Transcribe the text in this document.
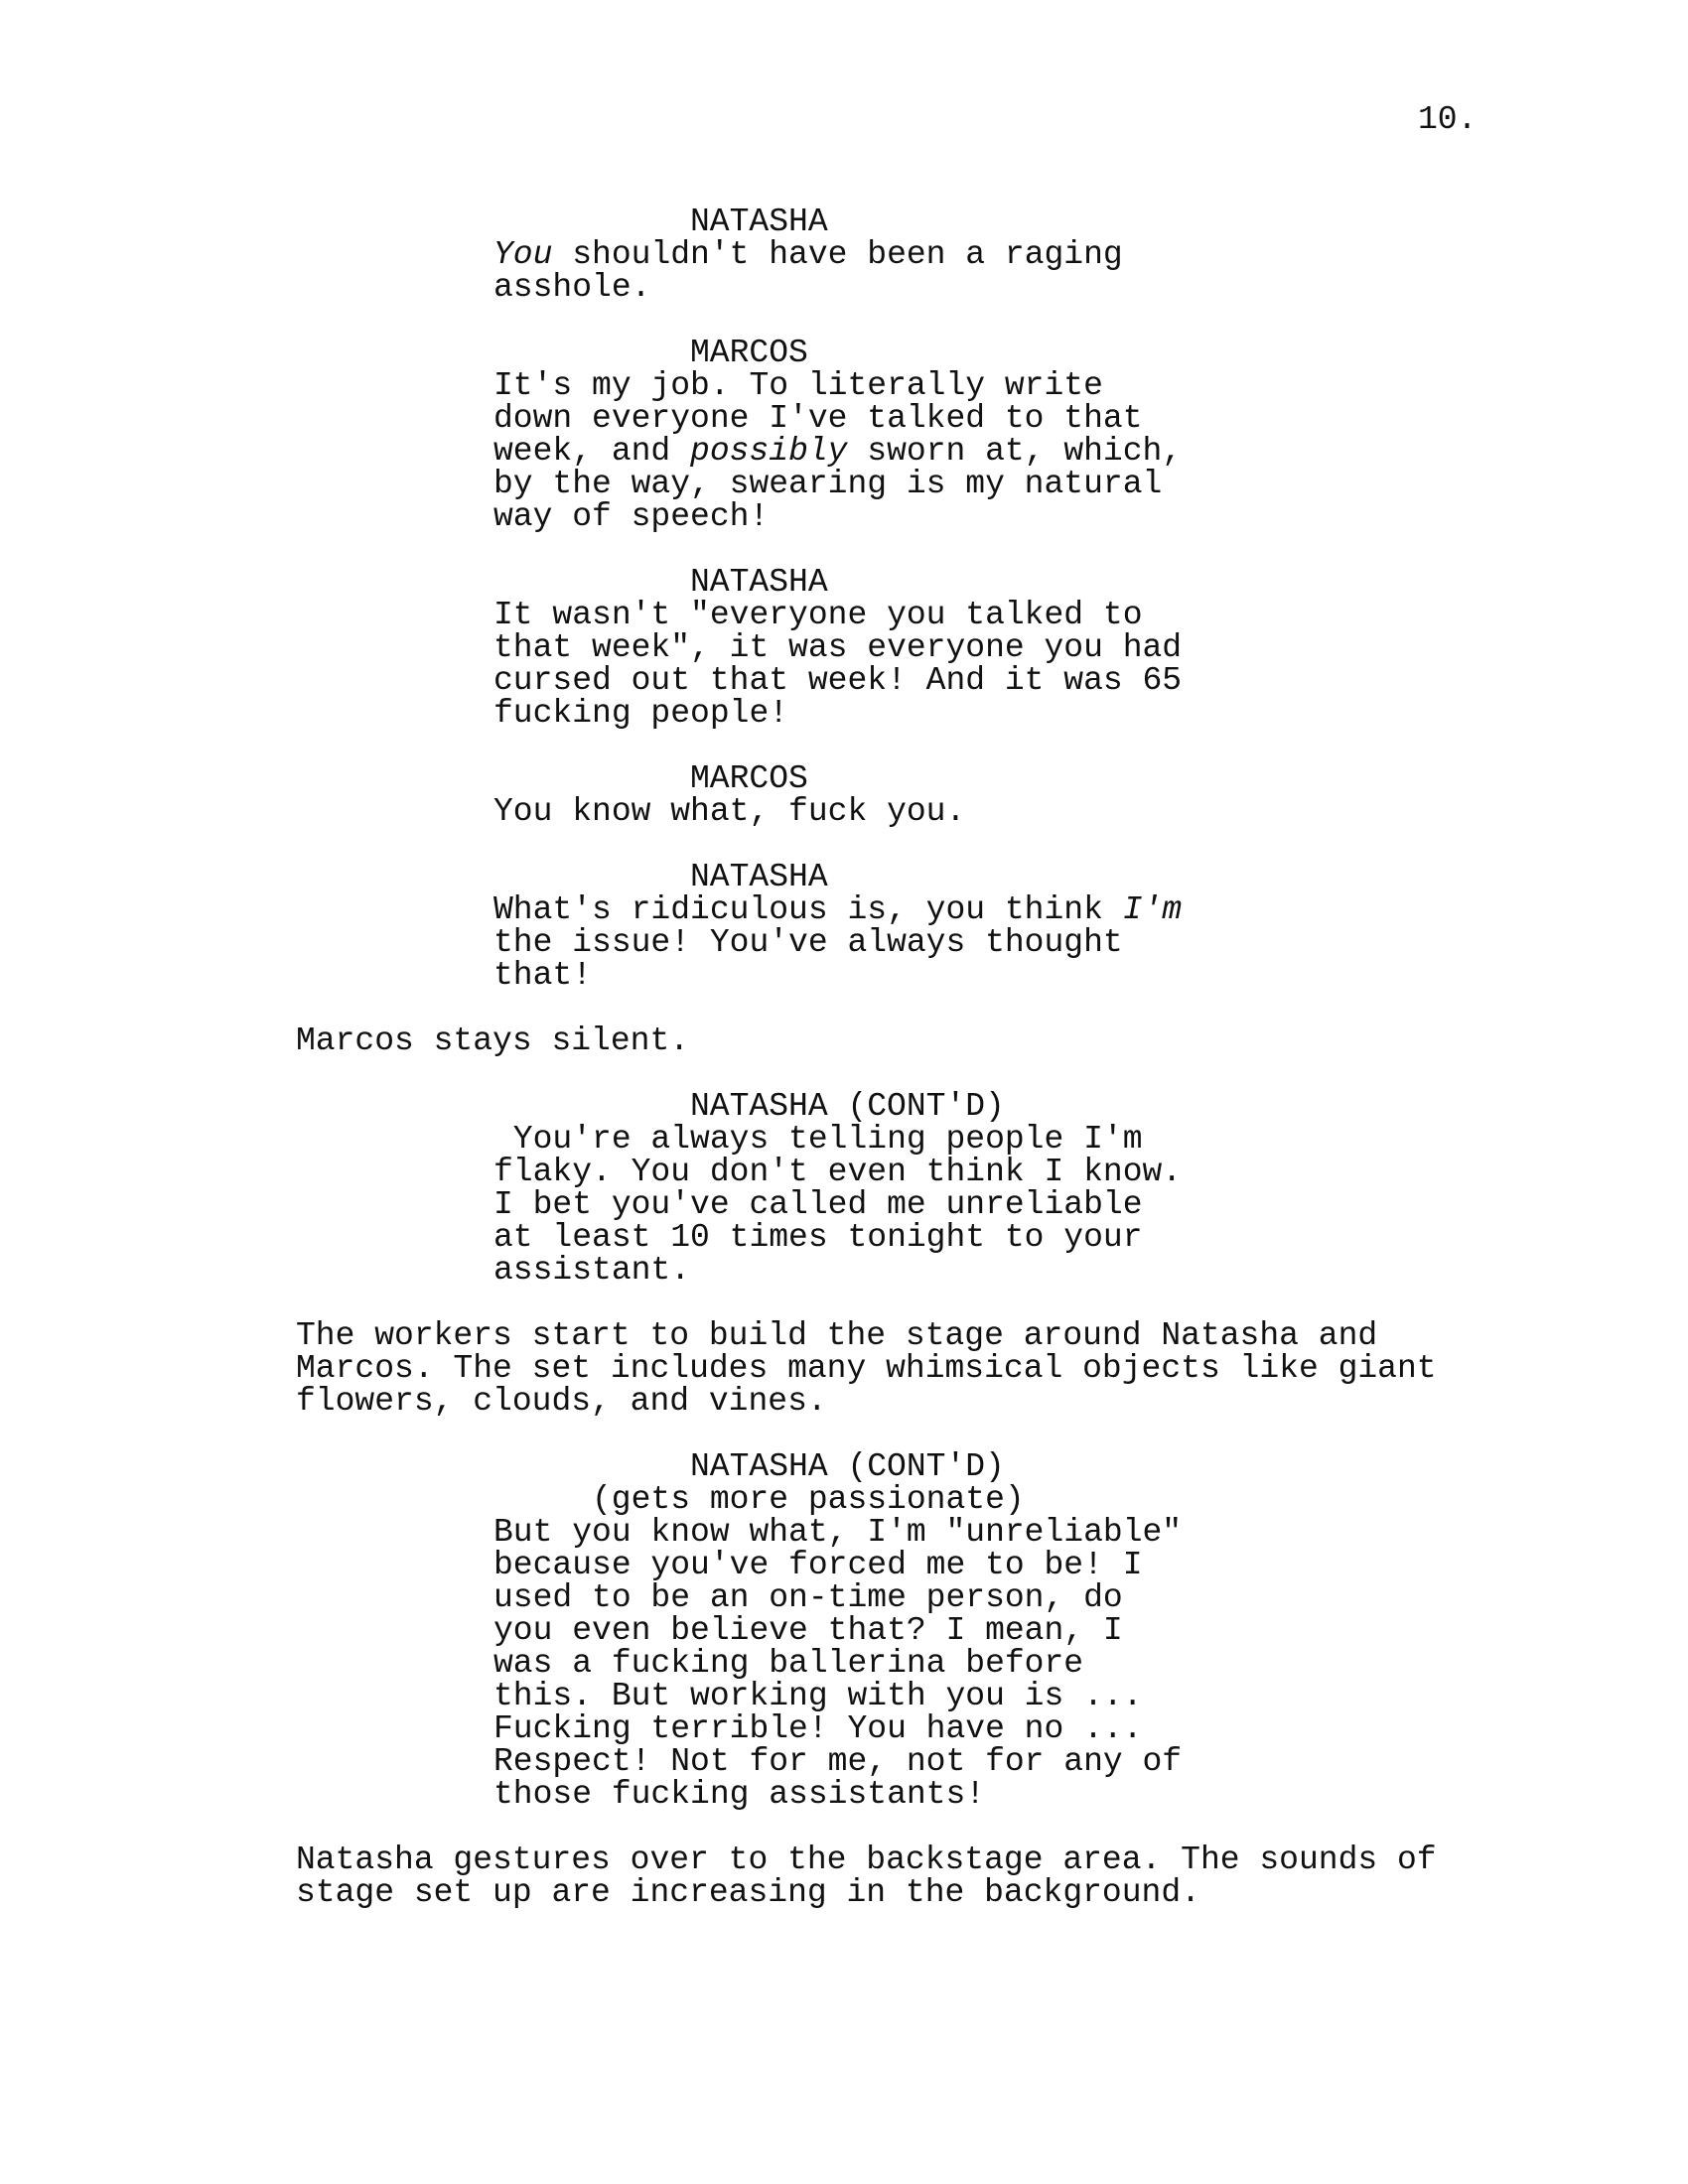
10.
NATASHA
You shouldn't have been a raging
asshole.
MARCOS
It's my job. To literally write
down everyone I've talked to that
week, and possibly sworn at, which,
by the way, swearing is my natural
way of speech!
NATASHA
It wasn't "everyone you talked to
that week", it was everyone you had
cursed out that week! And it was 65
fucking people!
MARCOS
You know what, fuck you.
NATASHA
What's ridiculous is, you think I'm
the issue! You've always thought
that!
Marcos stays silent.
NATASHA (CONT'D)
You're always telling people I'm
flaky. You don't even think I know.
I bet you've called me unreliable
at least 10 times tonight to your
assistant.
The workers start to build the stage around Natasha and
Marcos. The set includes many whimsical objects like giant
flowers, clouds, and vines.
NATASHA (CONT'D)
(gets more passionate)
But you know what, I'm "unreliable"
because you've forced me to be! I
used to be an on-time person, do
you even believe that? I mean, I
was a fucking ballerina before
this. But working with you is ...
Fucking terrible! You have no ...
Respect! Not for me, not for any of
those fucking assistants!
Natasha gestures over to the backstage area. The sounds of
stage set up are increasing in the background.
